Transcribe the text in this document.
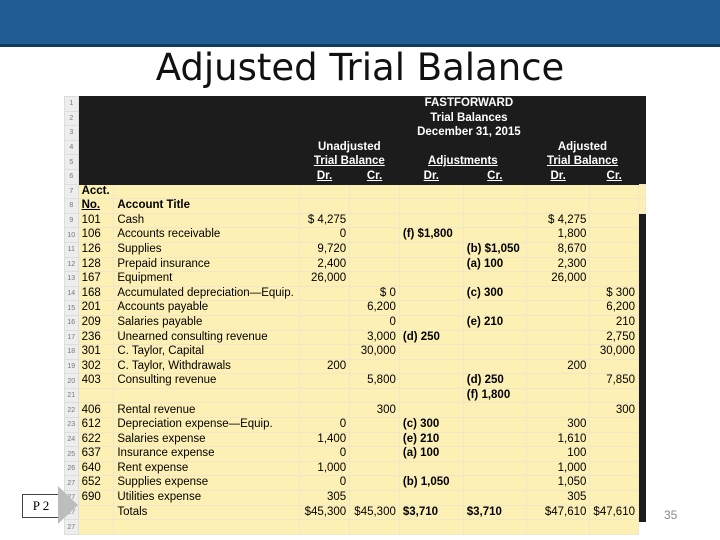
Adjusted Trial Balance
1			FASTFORWARD						
2			Trial Balances						
3			December 31, 2015						
4			Unadjusted				Adjusted		
5			Trial Balance		Adjustments		Trial Balance		
6			Dr.	Cr.	Dr.	Cr.	Dr.	Cr.	
7	Acct.								
8	No.	Account Title							
9	101	Cash	$ 4,275				$ 4,275		
10	106	Accounts receivable	0		(f) $1,800		1,800		
11	126	Supplies	9,720			(b) $1,050	8,670		
12	128	Prepaid insurance	2,400			(a) 100	2,300		
13	167	Equipment	26,000				26,000		
14	168	Accumulated depreciation—Equip.		$ 0		(c) 300		$ 300	
15	201	Accounts payable		6,200				6,200	
16	209	Salaries payable		0		(e) 210		210	
17	236	Unearned consulting revenue		3,000	(d) 250			2,750	
18	301	C. Taylor, Capital		30,000				30,000	
19	302	C. Taylor, Withdrawals	200				200		
20	403	Consulting revenue		5,800		(d) 250		7,850	
21						(f) 1,800			
22	406	Rental revenue		300				300	
23	612	Depreciation expense—Equip.	0		(c) 300		300		
24	622	Salaries expense	1,400		(e) 210		1,610		
25	637	Insurance expense	0		(a) 100		100		
26	640	Rent expense	1,000				1,000		
27	652	Supplies expense	0		(b) 1,050		1,050		
27	690	Utilities expense	305				305		
27		Totals	$45,300	$45,300	$3,710	$3,710	$47,610	$47,610	
27									
P 2
35
